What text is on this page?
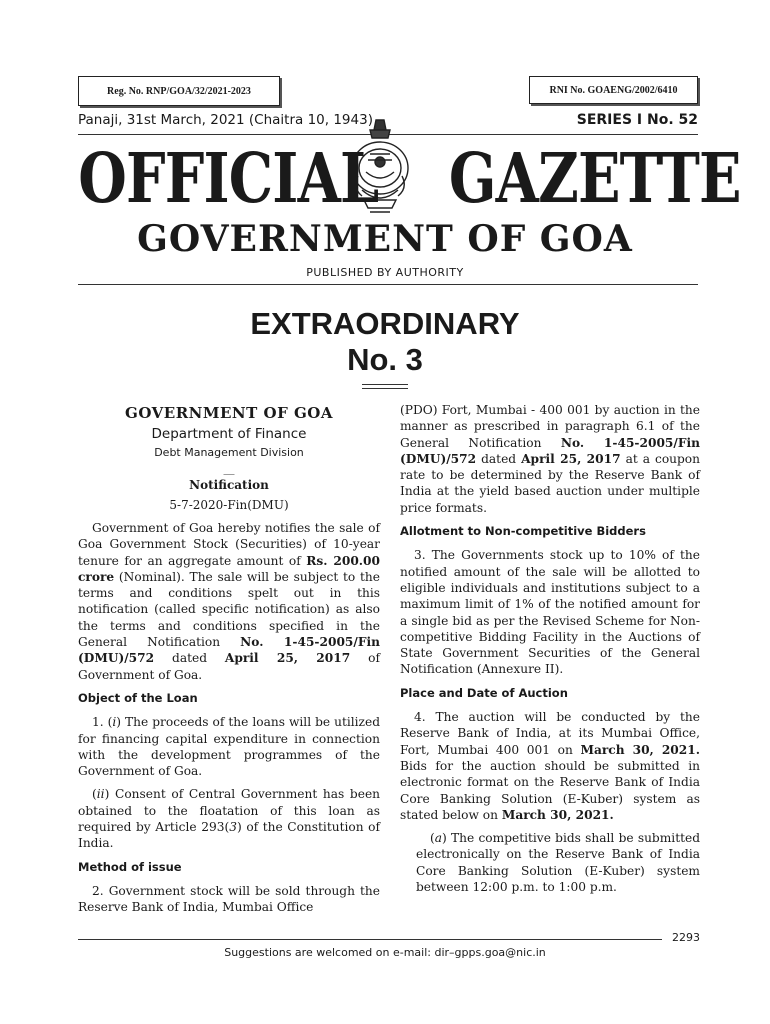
Reg. No. RNP/GOA/32/2021-2023	RNI No. GOAENG/2002/6410
Panaji, 31st March, 2021 (Chaitra 10, 1943)	SERIES I No. 52
OFFICIAL GAZETTE
GOVERNMENT OF GOA
PUBLISHED BY AUTHORITY
EXTRAORDINARY
No. 3
GOVERNMENT OF GOA
Department of Finance
Debt Management Division
__
Notification
5-7-2020-Fin(DMU)

Government of Goa hereby notifies the sale of Goa Government Stock (Securities) of 10-year tenure for an aggregate amount of Rs. 200.00 crore (Nominal). The sale will be subject to the terms and conditions spelt out in this notification (called specific notification) as also the terms and conditions specified in the General Notification No. 1-45-2005/Fin (DMU)/572 dated April 25, 2017 of Government of Goa.

Object of the Loan

1. (i) The proceeds of the loans will be utilized for financing capital expenditure in connection with the development programmes of the Government of Goa.

(ii) Consent of Central Government has been obtained to the floatation of this loan as required by Article 293(3) of the Constitution of India.

Method of issue

2. Government stock will be sold through the Reserve Bank of India, Mumbai Office

(PDO) Fort, Mumbai - 400 001 by auction in the manner as prescribed in paragraph 6.1 of the General Notification No. 1-45-2005/Fin (DMU)/572 dated April 25, 2017 at a coupon rate to be determined by the Reserve Bank of India at the yield based auction under multiple price formats.

Allotment to Non-competitive Bidders

3. The Governments stock up to 10% of the notified amount of the sale will be allotted to eligible individuals and institutions subject to a maximum limit of 1% of the notified amount for a single bid as per the Revised Scheme for Non-competitive Bidding Facility in the Auctions of State Government Securities of the General Notification (Annexure II).

Place and Date of Auction

4. The auction will be conducted by the Reserve Bank of India, at its Mumbai Office, Fort, Mumbai 400 001 on March 30, 2021. Bids for the auction should be submitted in electronic format on the Reserve Bank of India Core Banking Solution (E-Kuber) system as stated below on March 30, 2021.

(a) The competitive bids shall be submitted electronically on the Reserve Bank of India Core Banking Solution (E-Kuber) system between 12:00 p.m. to 1:00 p.m.

2293
Suggestions are welcomed on e-mail: dir–gpps.goa@nic.in
